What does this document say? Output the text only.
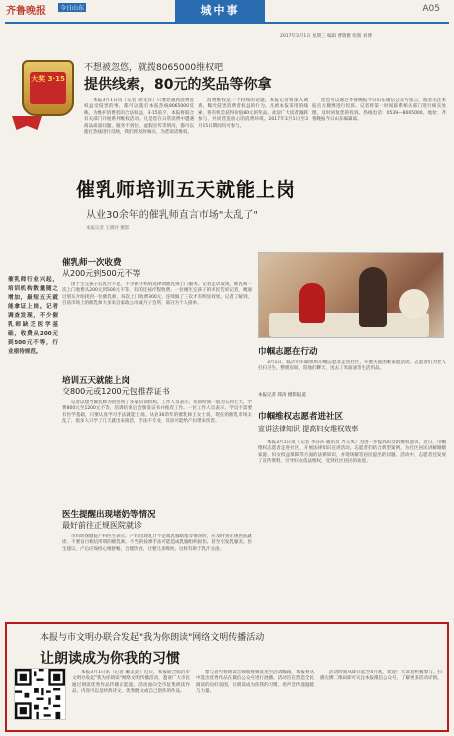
齐鲁晚报	今日山东	城中事	A05
2017年3月1日 星期三 编辑 曹敬雅 组版 刘博
大奖 3·15
不想被忽悠，就拨8065000维权吧
提供线索，80元的奖品等你拿

本报3月1日讯（记者 徐文萍）只要您遇到消费者权益受侵害的事，都可以拨打本报热线8065000反映。为维护消费者的合法权益，3·15前夕，本报将联合有关部门开展系列维权活动。凡是您在日常消费中遭遇商品质量问题、服务不到位、虚假宣传等情况，都可以拨打热线进行反映，我们将及时核实，为您说话维权。

消费维权是一个持续的话题，本报记者将深入调查，曝光侵害消费者权益的行为。凡被本报采用的线索，将有机会获得价值80元的奖品。欢迎广大读者踊跃参与，共同营造放心的消费环境。2017年3月1日至3月15日期间均可参与。

您也可以通过齐鲁晚报今日山东微信公众号留言，或者关注本报官方微博进行投诉。记者将第一时间联系相关部门进行核实处理，及时回复您的投诉。热线电话：0539—8065000，地址：齐鲁晚报今日山东编辑部。

催乳师培训五天就能上岗
从业30余年的催乳师直言市场"太乱了"
本报记者 王晓玲 摄影
催乳师行业兴起，培训机构数量随之增加，最短五天就能拿证上岗。记者调查发现，不少催乳师缺乏医学基础，收费从200元到500元不等，行业亟待规范。
催乳师一次收费
从200元到500元不等

由于生完孩子后乳汁不足，不少新手妈妈选择请催乳师上门服务。记者走访发现，催乳师一次上门收费从200元到500元不等，有的还按疗程收费。一位刚生完孩子的市民告诉记者，她通过朋友介绍找到一位催乳师，每次上门收费300元，连续做了三次才有明显效果。记者了解到，目前市场上的催乳师大多来自家政公司或月子会所，部分为个人接单。

培训五天就能上岗
交800元或1200元包推荐证书

记者以想当催乳师为由咨询了多家培训机构，工作人员表示，培训时间一般为五到七天，学费800元至1200元不等，培训结束后会颁发证书并推荐工作。一位工作人员表示，学员不需要有医学基础，只要认真学习手法就能上岗。从业30余年的催乳师王女士说，现在的催乳市场太乱了，很多人只学了几天就出来接活，手法不专业，反而可能给产妇带来伤害。

医生提醒出现堵奶等情况
最好前往正规医院就诊

市妇幼保健院产科医生表示，产妇出现乳汁不足或乳腺堵塞等情况时，应及时到正规医院就诊，不要盲目相信所谓的催乳师。不当的按摩手法可能造成乳腺组织损伤，甚至引发乳腺炎。医生建议，产后应保持心情舒畅，合理饮食，让婴儿多吸吮，这样有助于乳汁分泌。

巾帼志愿在行动

3月1日，临沂市妇联组织巾帼志愿者走进社区，开展关爱困难家庭活动。志愿者们为老人打扫卫生、整理房间，陪他们聊天，送去了米面油等生活用品。

本报记者 郑涛 摄影报道
巾帼维权志愿者进社区
宣讲法律知识 提高妇女维权效率

本报3月1日讯（记者 李莎莎 通讯员 齐玉凤）为进一步提高妇女的维权意识，近日，巾帼维权志愿者走进社区，开展法律知识宣讲活动。志愿者们结合典型案例，为社区居民讲解婚姻家庭、妇女权益保障等方面的法律知识，并现场解答居民提出的问题。活动中，志愿者还发放了宣传资料，引导妇女依法维权，受到社区居民的欢迎。

本报与市文明办联合发起"我为你朗读"网络文明传播活动
让朗读成为你我的习惯

本报3月1日讯（记者 戴美灵）近日，本报联合临沂市文明办发起"我为你朗读"网络文明传播活动，邀请广大市民通过朗读优秀作品传播正能量。活动面向全市征集朗读作品，内容可以是经典诗文、优秀散文或自己创作的作品。

参与者可将朗读音频或视频发送至活动邮箱，本报将从中选出优秀作品在微信公众号进行展播。活动旨在营造全民阅读的良好氛围，让朗读成为你我的习惯，用声音传递温暖与力量。

活动时间从即日起至4月底，欢迎广大读者积极参与。扫描左侧二维码即可关注本报微信公众号，了解更多活动详情。
